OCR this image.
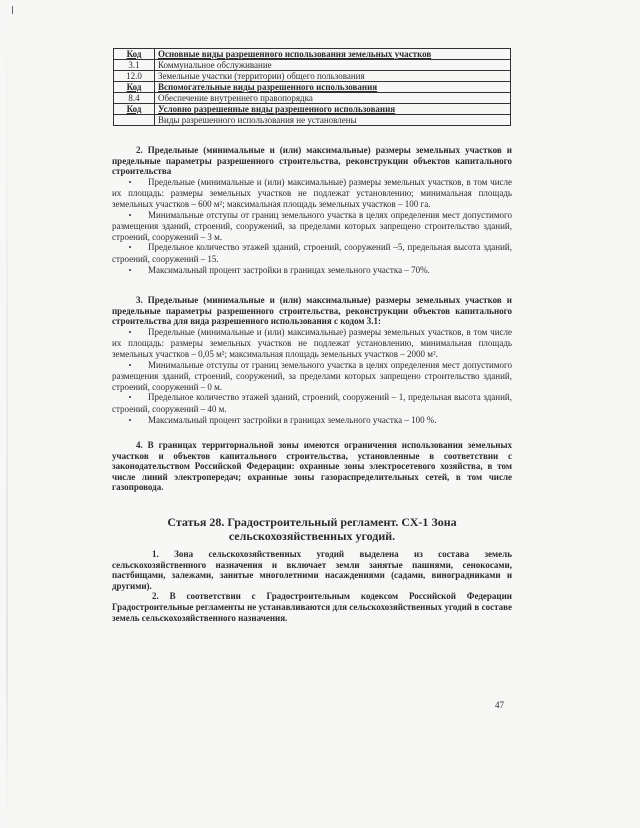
Код	Основные виды разрешенного использования земельных участков
3.1	Коммунальное обслуживание
12.0	Земельные участки (территории) общего пользования
Код	Вспомогательные виды разрешенного использования
8.4	Обеспечение внутреннего правопорядка
Код	Условно разрешенные виды разрешенного использования
	Виды разрешенного использования не установлены

2. Предельные (минимальные и (или) максимальные) размеры земельных участков и предельные параметры разрешенного строительства, реконструкции объектов капитального строительства

• Предельные (минимальные и (или) максимальные) размеры земельных участков, в том числе их площадь: размеры земельных участков не подлежат установлению; минимальная площадь земельных участков – 600 м²; максимальная площадь земельных участков – 100 га.

• Минимальные отступы от границ земельного участка в целях определения мест допустимого размещения зданий, строений, сооружений, за пределами которых запрещено строительство зданий, строений, сооружений – 3 м.

• Предельное количество этажей зданий, строений, сооружений –5, предельная высота зданий, строений, сооружений – 15.

• Максимальный процент застройки в границах земельного участка – 70%.

3. Предельные (минимальные и (или) максимальные) размеры земельных участков и предельные параметры разрешенного строительства, реконструкции объектов капитального строительства для вида разрешенного использования с кодом 3.1:

• Предельные (минимальные и (или) максимальные) размеры земельных участков, в том числе их площадь: размеры земельных участков не подлежат установлению, минимальная площадь земельных участков – 0,05 м²; максимальная площадь земельных участков – 2000 м².

• Минимальные отступы от границ земельного участка в целях определения мест допустимого размещения зданий, строений, сооружений, за пределами которых запрещено строительство зданий, строений, сооружений – 0 м.

• Предельное количество этажей зданий, строений, сооружений – 1, предельная высота зданий, строений, сооружений – 40 м.

• Максимальный процент застройки в границах земельного участка – 100 %.

4. В границах территориальной зоны имеются ограничения использования земельных участков и объектов капитального строительства, установленные в соответствии с законодательством Российской Федерации: охранные зоны электросетевого хозяйства, в том числе линий электропередач; охранные зоны газораспределительных сетей, в том числе газопровода.

Статья 28. Градостроительный регламент. СХ-1 Зона сельскохозяйственных угодий.

1. Зона сельскохозяйственных угодий выделена из состава земель сельскохозяйственного назначения и включает земли занятые пашнями, сенокосами, пастбищами, залежами, занятые многолетними насаждениями (садами, виноградниками и другими).

2. В соответствии с Градостроительным кодексом Российской Федерации Градостроительные регламенты не устанавливаются для сельскохозяйственных угодий в составе земель сельскохозяйственного назначения.

47
